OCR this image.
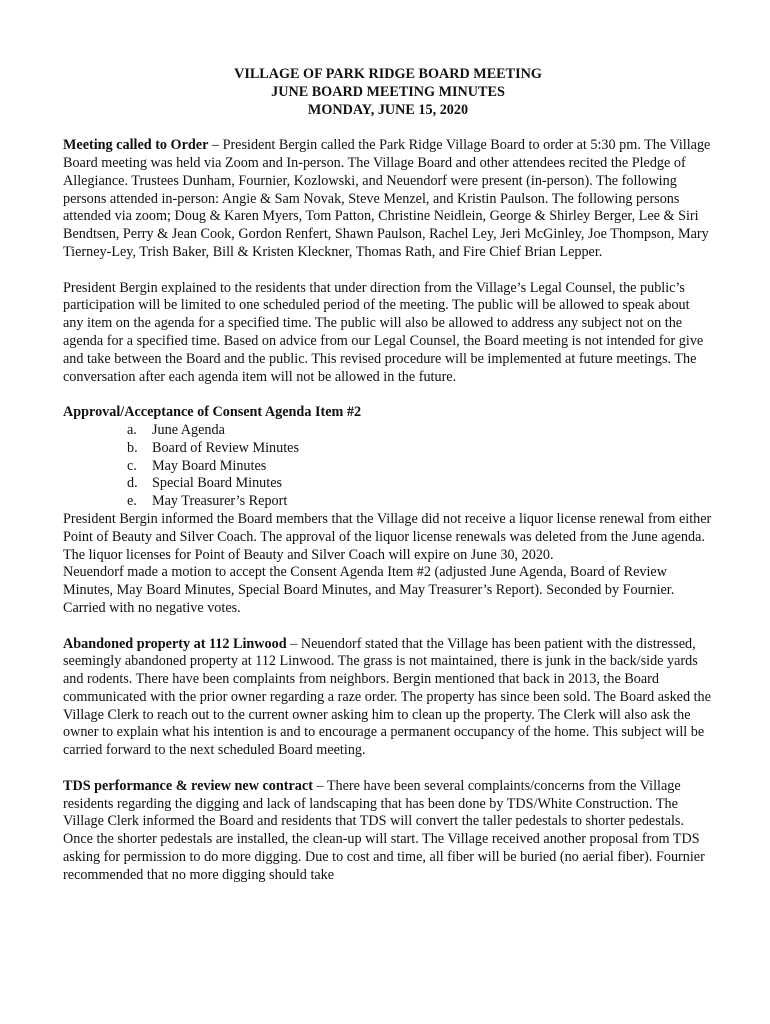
VILLAGE OF PARK RIDGE BOARD MEETING
JUNE BOARD MEETING MINUTES
MONDAY, JUNE 15, 2020

Meeting called to Order – President Bergin called the Park Ridge Village Board to order at 5:30 pm. The Village Board meeting was held via Zoom and In-person. The Village Board and other attendees recited the Pledge of Allegiance. Trustees Dunham, Fournier, Kozlowski, and Neuendorf were present (in-person). The following persons attended in-person: Angie & Sam Novak, Steve Menzel, and Kristin Paulson. The following persons attended via zoom; Doug & Karen Myers, Tom Patton, Christine Neidlein, George & Shirley Berger, Lee & Siri Bendtsen, Perry & Jean Cook, Gordon Renfert, Shawn Paulson, Rachel Ley, Jeri McGinley, Joe Thompson, Mary Tierney-Ley, Trish Baker, Bill & Kristen Kleckner, Thomas Rath, and Fire Chief Brian Lepper.

President Bergin explained to the residents that under direction from the Village’s Legal Counsel, the public’s participation will be limited to one scheduled period of the meeting. The public will be allowed to speak about any item on the agenda for a specified time. The public will also be allowed to address any subject not on the agenda for a specified time. Based on advice from our Legal Counsel, the Board meeting is not intended for give and take between the Board and the public. This revised procedure will be implemented at future meetings. The conversation after each agenda item will not be allowed in the future.

Approval/Acceptance of Consent Agenda Item #2

a. June Agenda
b. Board of Review Minutes
c. May Board Minutes
d. Special Board Minutes
e. May Treasurer’s Report

President Bergin informed the Board members that the Village did not receive a liquor license renewal from either Point of Beauty and Silver Coach. The approval of the liquor license renewals was deleted from the June agenda. The liquor licenses for Point of Beauty and Silver Coach will expire on June 30, 2020.

Neuendorf made a motion to accept the Consent Agenda Item #2 (adjusted June Agenda, Board of Review Minutes, May Board Minutes, Special Board Minutes, and May Treasurer’s Report). Seconded by Fournier. Carried with no negative votes.

Abandoned property at 112 Linwood – Neuendorf stated that the Village has been patient with the distressed, seemingly abandoned property at 112 Linwood. The grass is not maintained, there is junk in the back/side yards and rodents. There have been complaints from neighbors. Bergin mentioned that back in 2013, the Board communicated with the prior owner regarding a raze order. The property has since been sold. The Board asked the Village Clerk to reach out to the current owner asking him to clean up the property. The Clerk will also ask the owner to explain what his intention is and to encourage a permanent occupancy of the home. This subject will be carried forward to the next scheduled Board meeting.

TDS performance & review new contract – There have been several complaints/concerns from the Village residents regarding the digging and lack of landscaping that has been done by TDS/White Construction. The Village Clerk informed the Board and residents that TDS will convert the taller pedestals to shorter pedestals. Once the shorter pedestals are installed, the clean-up will start. The Village received another proposal from TDS asking for permission to do more digging. Due to cost and time, all fiber will be buried (no aerial fiber). Fournier recommended that no more digging should take
